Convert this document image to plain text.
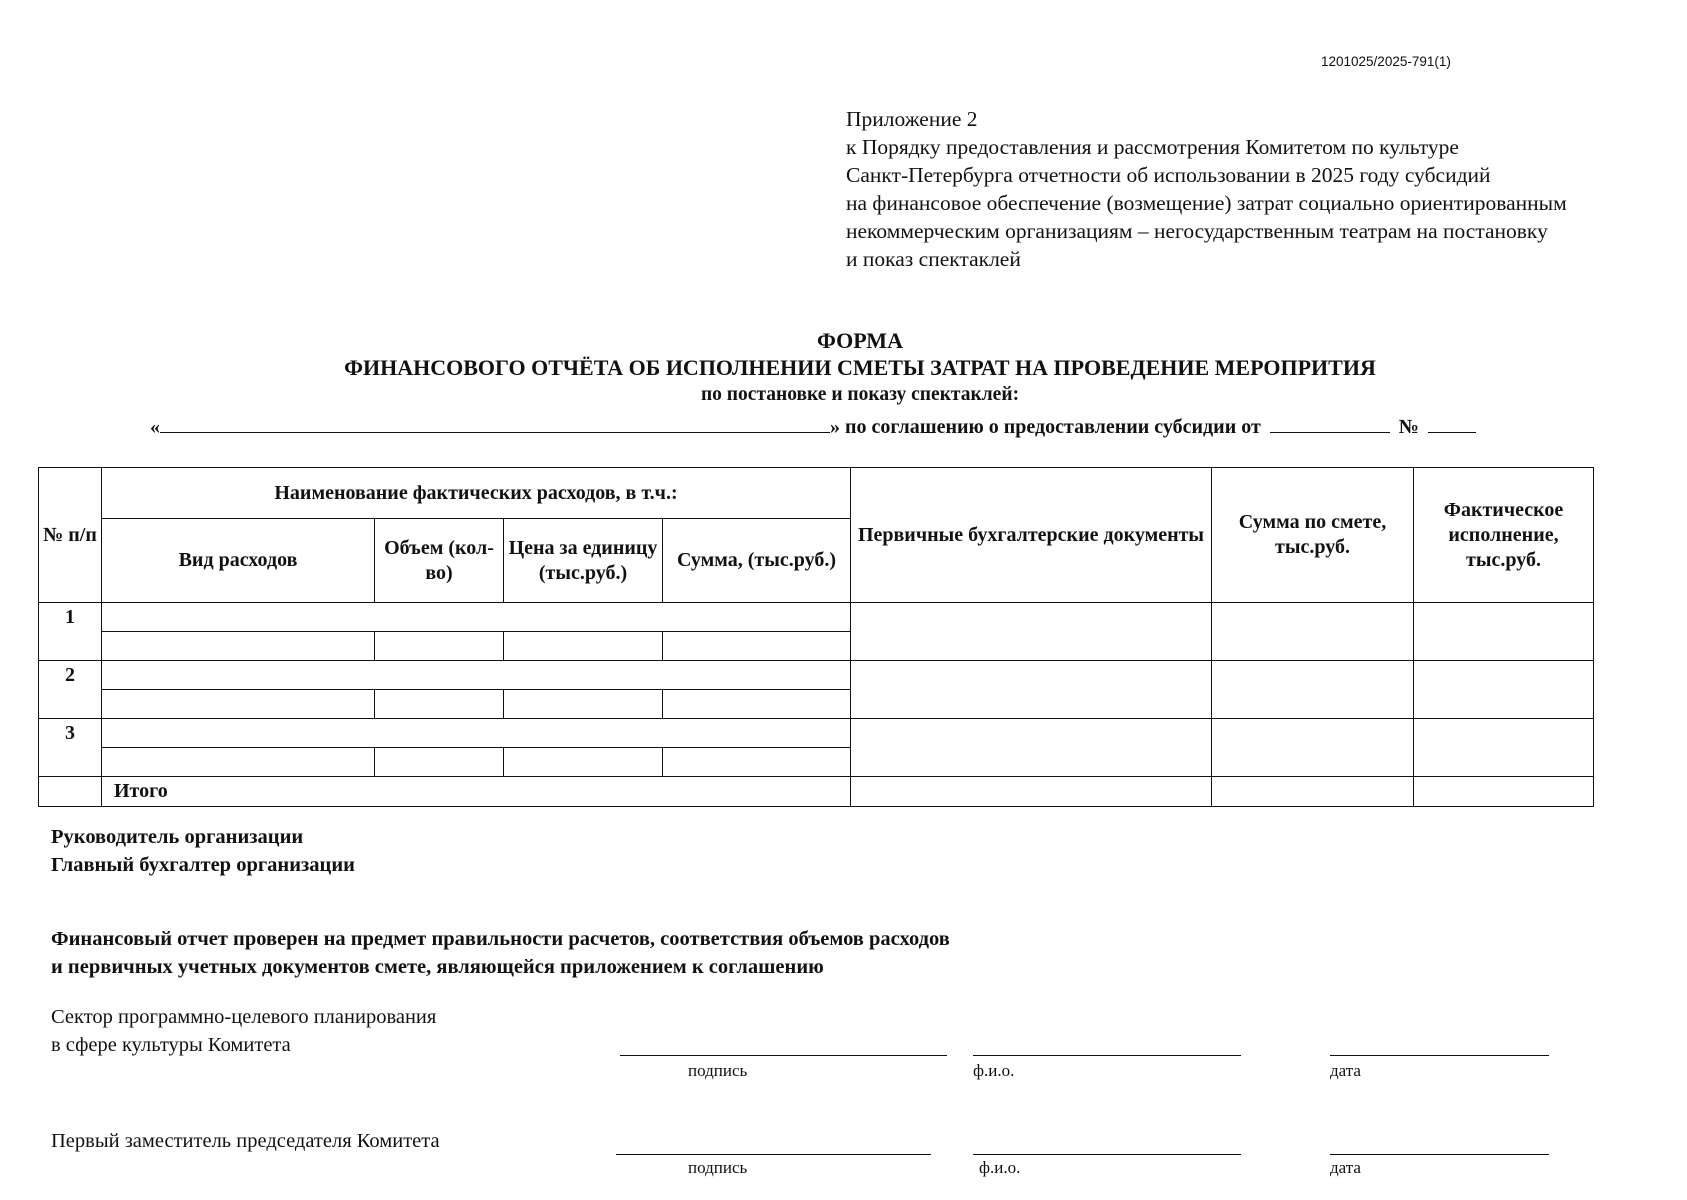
1201025/2025-791(1)
Приложение 2
к Порядку предоставления и рассмотрения Комитетом по культуре
Санкт-Петербурга отчетности об использовании в 2025 году субсидий
на финансовое обеспечение (возмещение) затрат социально ориентированным
некоммерческим организациям – негосударственным театрам на постановку
и показ спектаклей
ФОРМА
ФИНАНСОВОГО ОТЧЁТА ОБ ИСПОЛНЕНИИ СМЕТЫ ЗАТРАТ НА ПРОВЕДЕНИЕ МЕРОПРИТИЯ
по постановке и показу спектаклей:
«	» по соглашению о предоставлении субсидии от	№
№ п/п	Наименование фактических расходов, в т.ч.:				Первичные бухгалтерские документы	Сумма по смете, тыс.руб.	Фактическое исполнение, тыс.руб.
	Вид расходов	Объем (кол-во)	Цена за единицу (тыс.руб.)	Сумма, (тыс.руб.)			
1							

2							

3							

	Итого						
Руководитель организации
Главный бухгалтер организации
Финансовый отчет проверен на предмет правильности расчетов, соответствия объемов расходов
и первичных учетных документов смете, являющейся приложением к соглашению
Сектор программно-целевого планирования
в сфере культуры Комитета
подпись	ф.и.о.	дата
Первый заместитель председателя Комитета
подпись	ф.и.о.	дата
